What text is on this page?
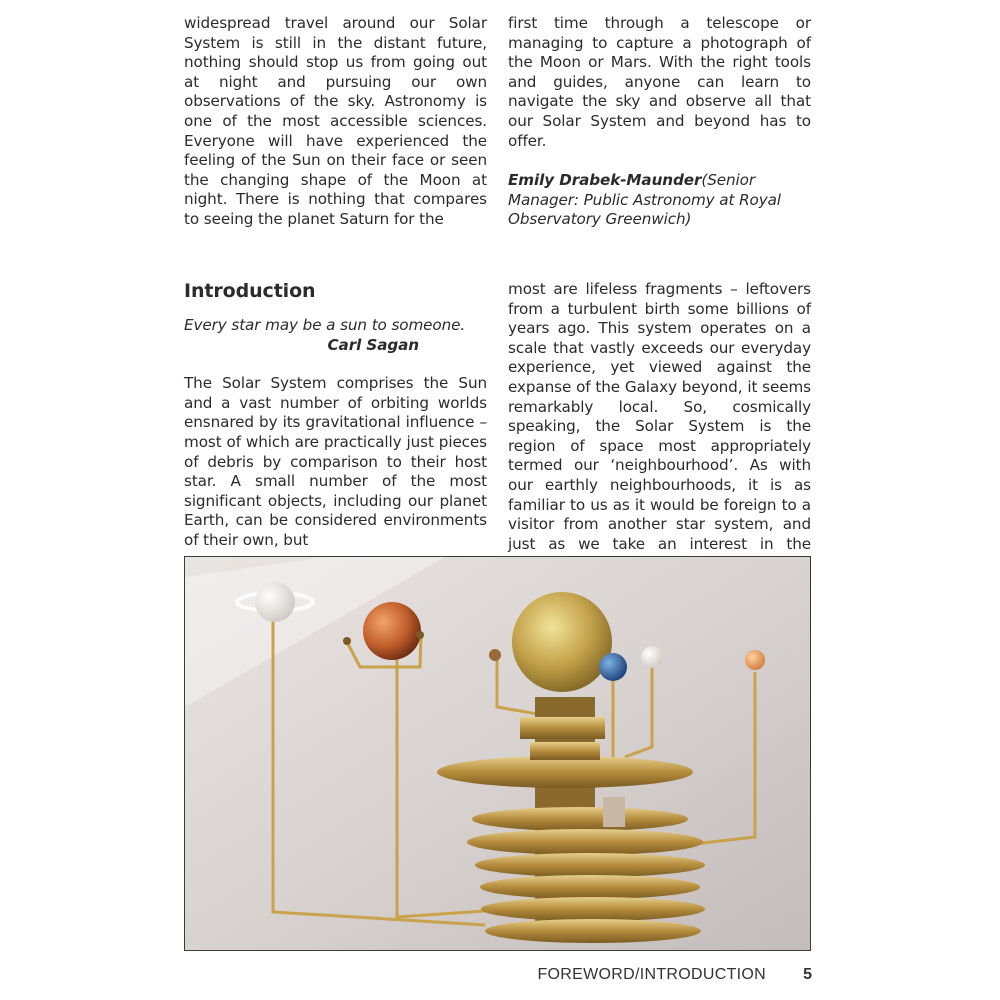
widespread travel around our Solar System is still in the distant future, nothing should stop us from going out at night and pursuing our own observations of the sky. Astronomy is one of the most accessible sciences. Everyone will have experienced the feeling of the Sun on their face or seen the changing shape of the Moon at night. There is nothing that compares to seeing the planet Saturn for the

first time through a telescope or managing to capture a photograph of the Moon or Mars. With the right tools and guides, anyone can learn to navigate the sky and observe all that our Solar System and beyond has to offer.

Emily Drabek-Maunder(Senior Manager: Public Astronomy at Royal Observatory Greenwich)

Introduction

Every star may be a sun to someone.

Carl Sagan

The Solar System comprises the Sun and a vast number of orbiting worlds ensnared by its gravitational influence – most of which are practically just pieces of debris by comparison to their host star. A small number of the most significant objects, including our planet Earth, can be considered environments of their own, but

most are lifeless fragments – leftovers from a turbulent birth some billions of years ago. This system operates on a scale that vastly exceeds our everyday experience, yet viewed against the expanse of the Galaxy beyond, it seems remarkably local. So, cosmically speaking, the Solar System is the region of space most appropriately termed our ‘neighbourhood’. As with our earthly neighbourhoods, it is as familiar to us as it would be foreign to a visitor from another star system, and just as we take an interest in the

FOREWORD/INTRODUCTION 5
